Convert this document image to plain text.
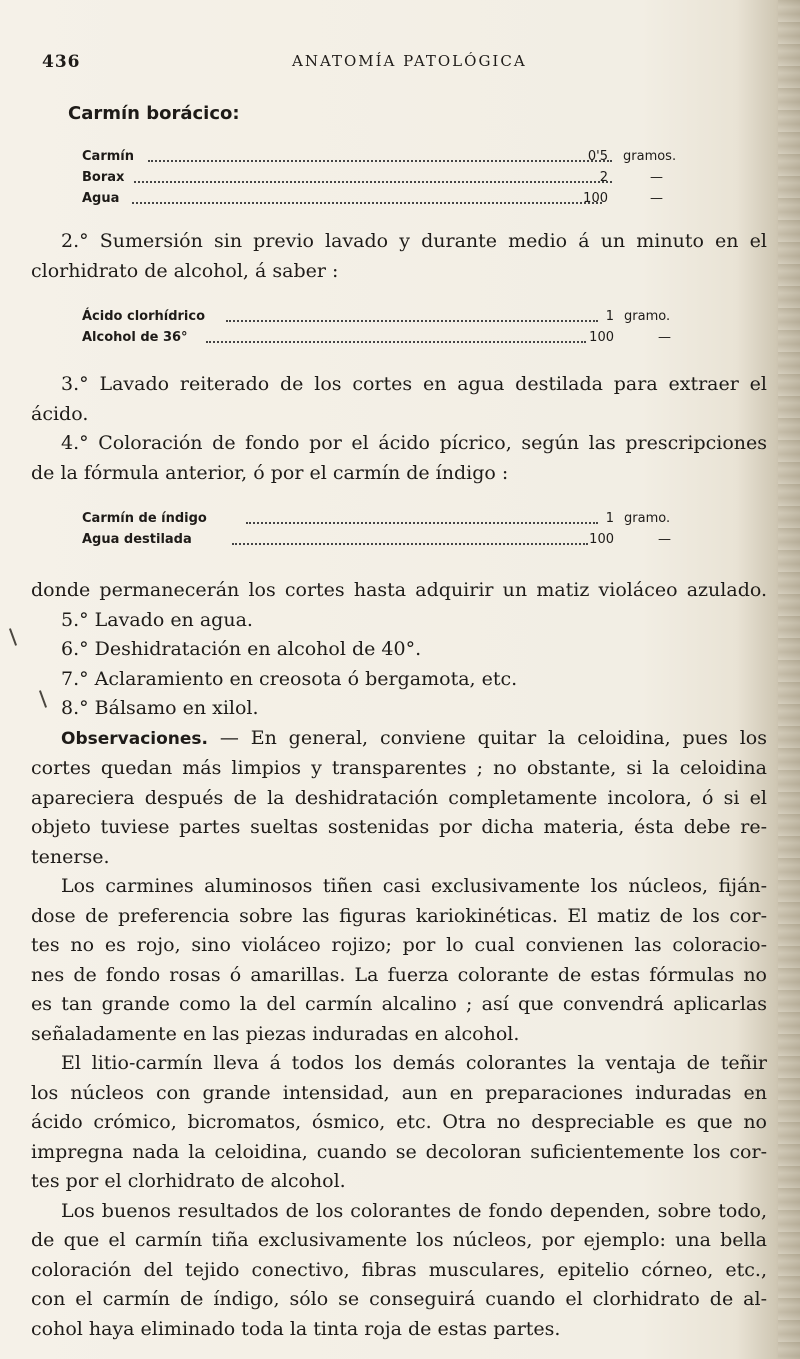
436	ANATOMÍA PATOLÓGICA
Carmín borácico:
Carmín	0'5 gramos.
Borax	2	—
Agua	100	—
2.° Sumersión sin previo lavado y durante medio á un minuto en el
clorhidrato de alcohol, á saber :
Ácido clorhídrico	1 gramo.
Alcohol de 36°	100	—
3.° Lavado reiterado de los cortes en agua destilada para extraer el
ácido.
4.° Coloración de fondo por el ácido pícrico, según las prescripciones
de la fórmula anterior, ó por el carmín de índigo :
Carmín de índigo	1 gramo.
Agua destilada	100	—
donde permanecerán los cortes hasta adquirir un matiz violáceo azulado.
5.° Lavado en agua.
6.° Deshidratación en alcohol de 40°.
7.° Aclaramiento en creosota ó bergamota, etc.
8.° Bálsamo en xilol.
Observaciones. — En general, conviene quitar la celoidina, pues los
cortes quedan más limpios y transparentes ; no obstante, si la celoidina
apareciera después de la deshidratación completamente incolora, ó si el
objeto tuviese partes sueltas sostenidas por dicha materia, ésta debe re-
tenerse.
Los carmines aluminosos tiñen casi exclusivamente los núcleos, fiján-
dose de preferencia sobre las figuras kariokinéticas. El matiz de los cor-
tes no es rojo, sino violáceo rojizo; por lo cual convienen las coloracio-
nes de fondo rosas ó amarillas. La fuerza colorante de estas fórmulas no
es tan grande como la del carmín alcalino ; así que convendrá aplicarlas
señaladamente en las piezas induradas en alcohol.
El litio-carmín lleva á todos los demás colorantes la ventaja de teñir
los núcleos con grande intensidad, aun en preparaciones induradas en
ácido crómico, bicromatos, ósmico, etc. Otra no despreciable es que no
impregna nada la celoidina, cuando se decoloran suficientemente los cor-
tes por el clorhidrato de alcohol.
Los buenos resultados de los colorantes de fondo dependen, sobre todo,
de que el carmín tiña exclusivamente los núcleos, por ejemplo: una bella
coloración del tejido conectivo, fibras musculares, epitelio córneo, etc.,
con el carmín de índigo, sólo se conseguirá cuando el clorhidrato de al-
cohol haya eliminado toda la tinta roja de estas partes.
